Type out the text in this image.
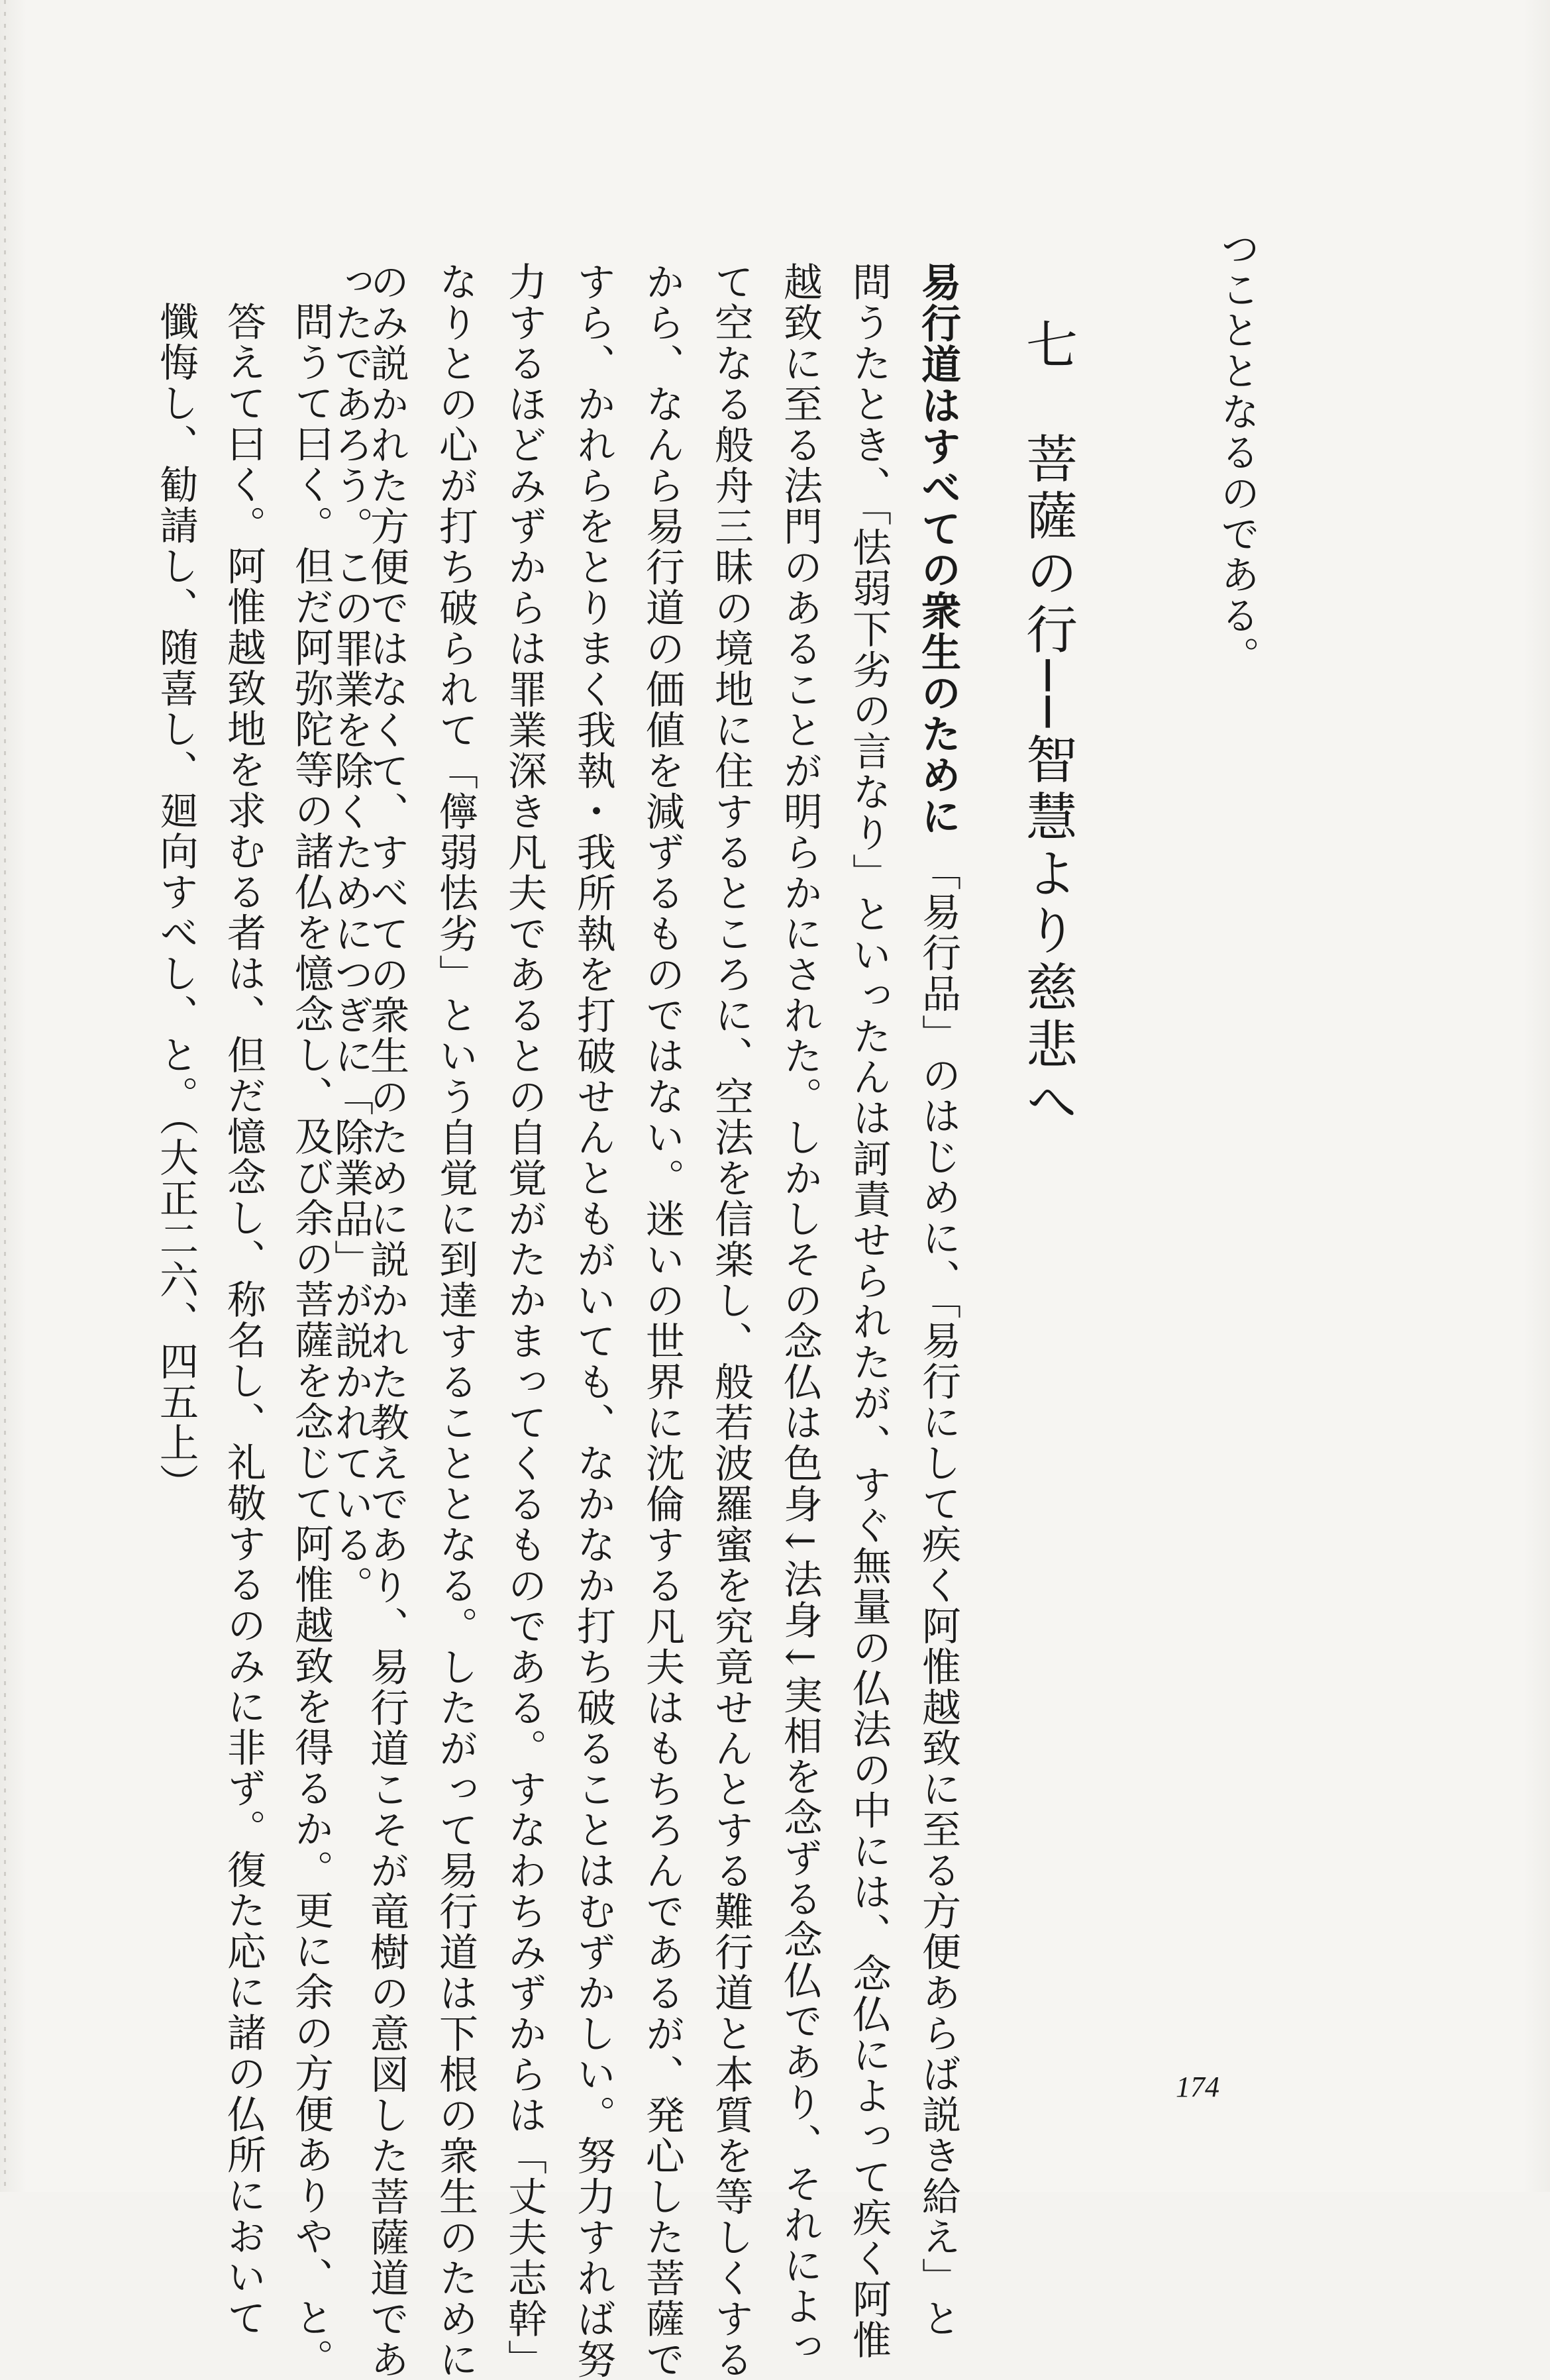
つこととなるのである。
七　菩薩の行──智慧より慈悲へ
易行道はすべての衆生のために「易行品」のはじめに、「易行にして疾く阿惟越致に至る方便あらば説き給え」と
問うたとき、「怯弱下劣の言なり」といったんは訶責せられたが、すぐ無量の仏法の中には、念仏によって疾く阿惟
越致に至る法門のあることが明らかにされた。しかしその念仏は色身↓法身↓実相を念ずる念仏であり、それによっ
て空なる般舟三昧の境地に住するところに、空法を信楽し、般若波羅蜜を究竟せんとする難行道と本質を等しくする
から、なんら易行道の価値を減ずるものではない。迷いの世界に沈倫する凡夫はもちろんであるが、発心した菩薩で
すら、かれらをとりまく我執・我所執を打破せんともがいても、なかなか打ち破ることはむずかしい。努力すれば努
力するほどみずからは罪業深き凡夫であるとの自覚がたかまってくるものである。すなわちみずからは「丈夫志幹」
なりとの心が打ち破られて「儜弱怯劣」という自覚に到達することとなる。したがって易行道は下根の衆生のために
のみ説かれた方便ではなくて、すべての衆生のために説かれた教えであり、易行道こそが竜樹の意図した菩薩道であ
ったであろう。この罪業を除くためにつぎに「除業品」が説かれている。
問うて曰く。但だ阿弥陀等の諸仏を憶念し、及び余の菩薩を念じて阿惟越致を得るか。更に余の方便ありや、と。
答えて曰く。阿惟越致地を求むる者は、但だ憶念し、称名し、礼敬するのみに非ず。復た応に諸の仏所において
懺悔し、勧請し、随喜し、廻向すべし、と。（大正二六、四五上）
174
